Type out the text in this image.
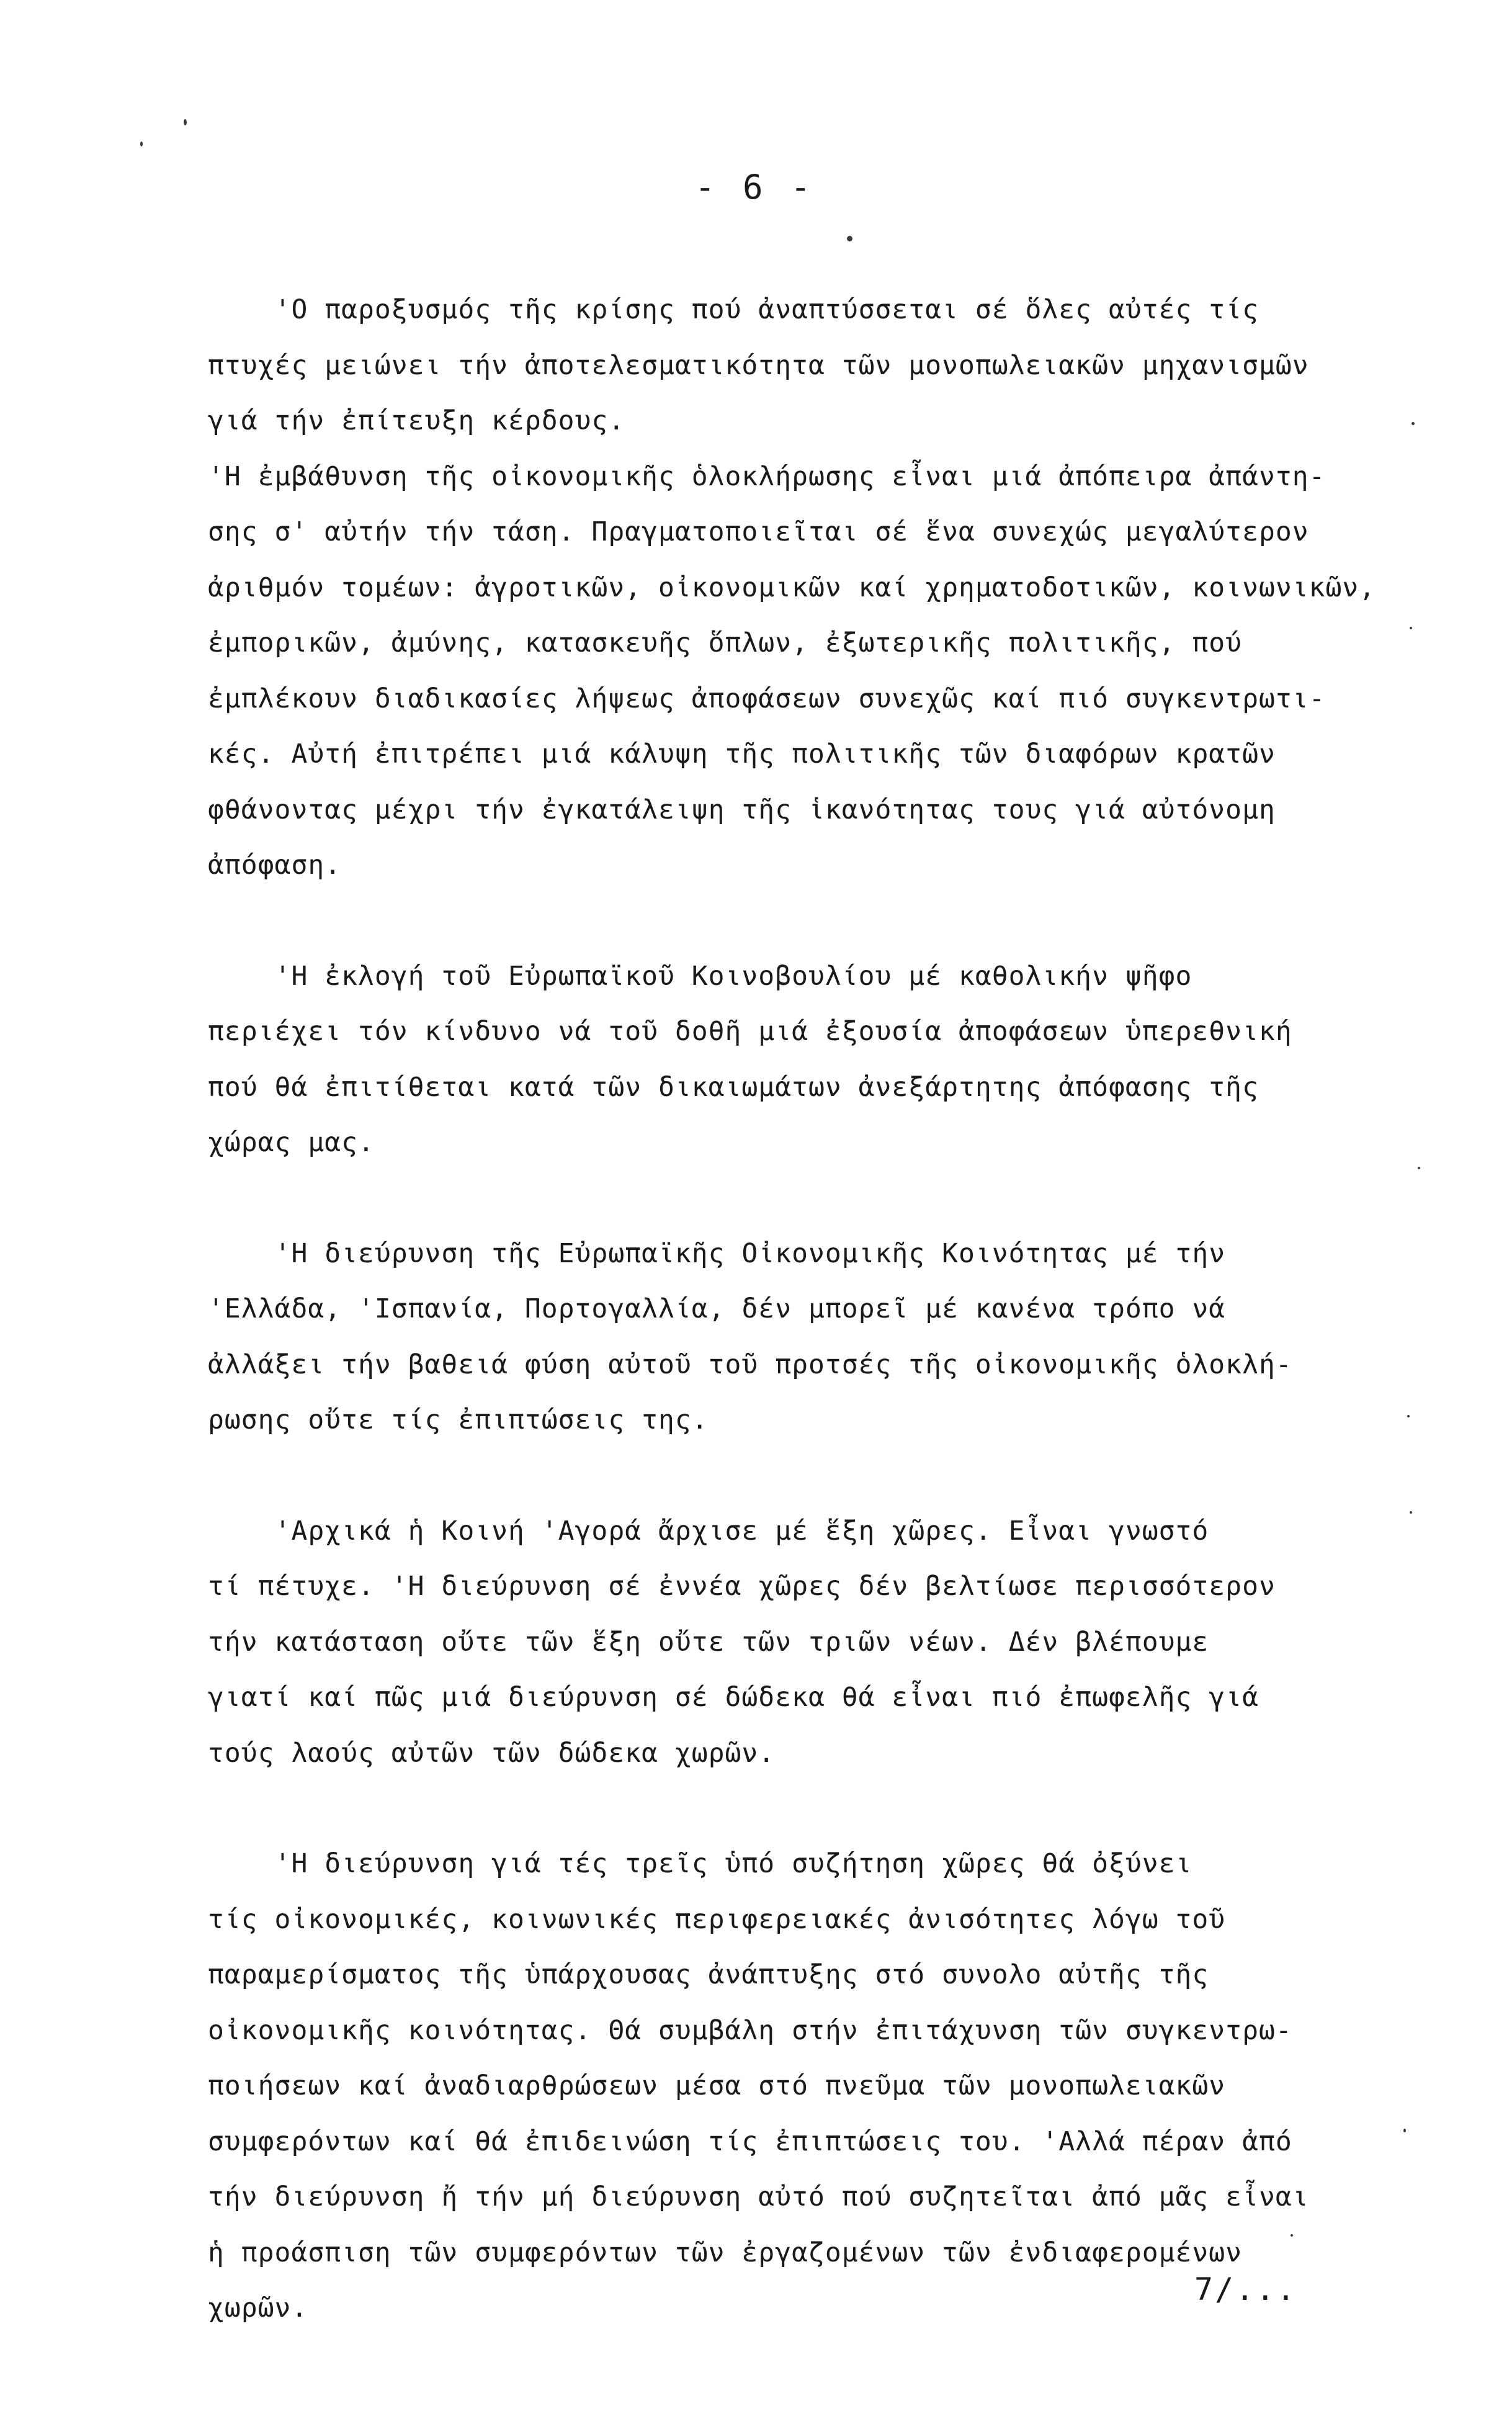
- 6 -
'Ο παροξυσμός τῆς κρίσης πού ἀναπτύσσεται σέ ὅλες αὐτές τίς
πτυχές μειώνει τήν ἀποτελεσματικότητα τῶν μονοπωλειακῶν μηχανισμῶν
γιά τήν ἐπίτευξη κέρδους.
'Η ἐμβάθυνση τῆς οἰκονομικῆς ὁλοκλήρωσης εἶναι μιά ἀπόπειρα ἀπάντη-
σης σ' αὐτήν τήν τάση. Πραγματοποιεῖται σέ ἕνα συνεχώς μεγαλύτερον
ἀριθμόν τομέων: ἀγροτικῶν, οἰκονομικῶν καί χρηματοδοτικῶν, κοινωνικῶν,
ἐμπορικῶν, ἀμύνης, κατασκευῆς ὅπλων, ἐξωτερικῆς πολιτικῆς, πού
ἐμπλέκουν διαδικασίες λήψεως ἀποφάσεων συνεχῶς καί πιό συγκεντρωτι-
κές. Αὐτή ἐπιτρέπει μιά κάλυψη τῆς πολιτικῆς τῶν διαφόρων κρατῶν
φθάνοντας μέχρι τήν ἐγκατάλειψη τῆς ἱκανότητας τους γιά αὐτόνομη
ἀπόφαση.
'Η ἐκλογή τοῦ Εὐρωπαϊκοῦ Κοινοβουλίου μέ καθολικήν ψῆφο
περιέχει τόν κίνδυνο νά τοῦ δοθῆ μιά ἐξουσία ἀποφάσεων ὑπερεθνική
πού θά ἐπιτίθεται κατά τῶν δικαιωμάτων ἀνεξάρτητης ἀπόφασης τῆς
χώρας μας.
'Η διεύρυνση τῆς Εὐρωπαϊκῆς Οἰκονομικῆς Κοινότητας μέ τήν
'Ελλάδα, 'Ισπανία, Πορτογαλλία, δέν μπορεῖ μέ κανένα τρόπο νά
ἀλλάξει τήν βαθειά φύση αὐτοῦ τοῦ προτσές τῆς οἰκονομικῆς ὁλοκλή-
ρωσης οὔτε τίς ἐπιπτώσεις της.
'Αρχικά ἡ Κοινή 'Αγορά ἄρχισε μέ ἕξη χῶρες. Εἶναι γνωστό
τί πέτυχε. 'Η διεύρυνση σέ ἐννέα χῶρες δέν βελτίωσε περισσότερον
τήν κατάσταση οὔτε τῶν ἕξη οὔτε τῶν τριῶν νέων. Δέν βλέπουμε
γιατί καί πῶς μιά διεύρυνση σέ δώδεκα θά εἶναι πιό ἐπωφελῆς γιά
τούς λαούς αὐτῶν τῶν δώδεκα χωρῶν.
'Η διεύρυνση γιά τές τρεῖς ὑπό συζήτηση χῶρες θά ὀξύνει
τίς οἰκονομικές, κοινωνικές περιφερειακές ἀνισότητες λόγω τοῦ
παραμερίσματος τῆς ὑπάρχουσας ἀνάπτυξης στό συνολο αὐτῆς τῆς
οἰκονομικῆς κοινότητας. Θά συμβάλη στήν ἐπιτάχυνση τῶν συγκεντρω-
ποιήσεων καί ἀναδιαρθρώσεων μέσα στό πνεῦμα τῶν μονοπωλειακῶν
συμφερόντων καί θά ἐπιδεινώση τίς ἐπιπτώσεις του. 'Αλλά πέραν ἀπό
τήν διεύρυνση ἤ τήν μή διεύρυνση αὐτό πού συζητεῖται ἀπό μᾶς εἶναι
ἡ προάσπιση τῶν συμφερόντων τῶν ἐργαζομένων τῶν ἐνδιαφερομένων
χωρῶν.
7/...
